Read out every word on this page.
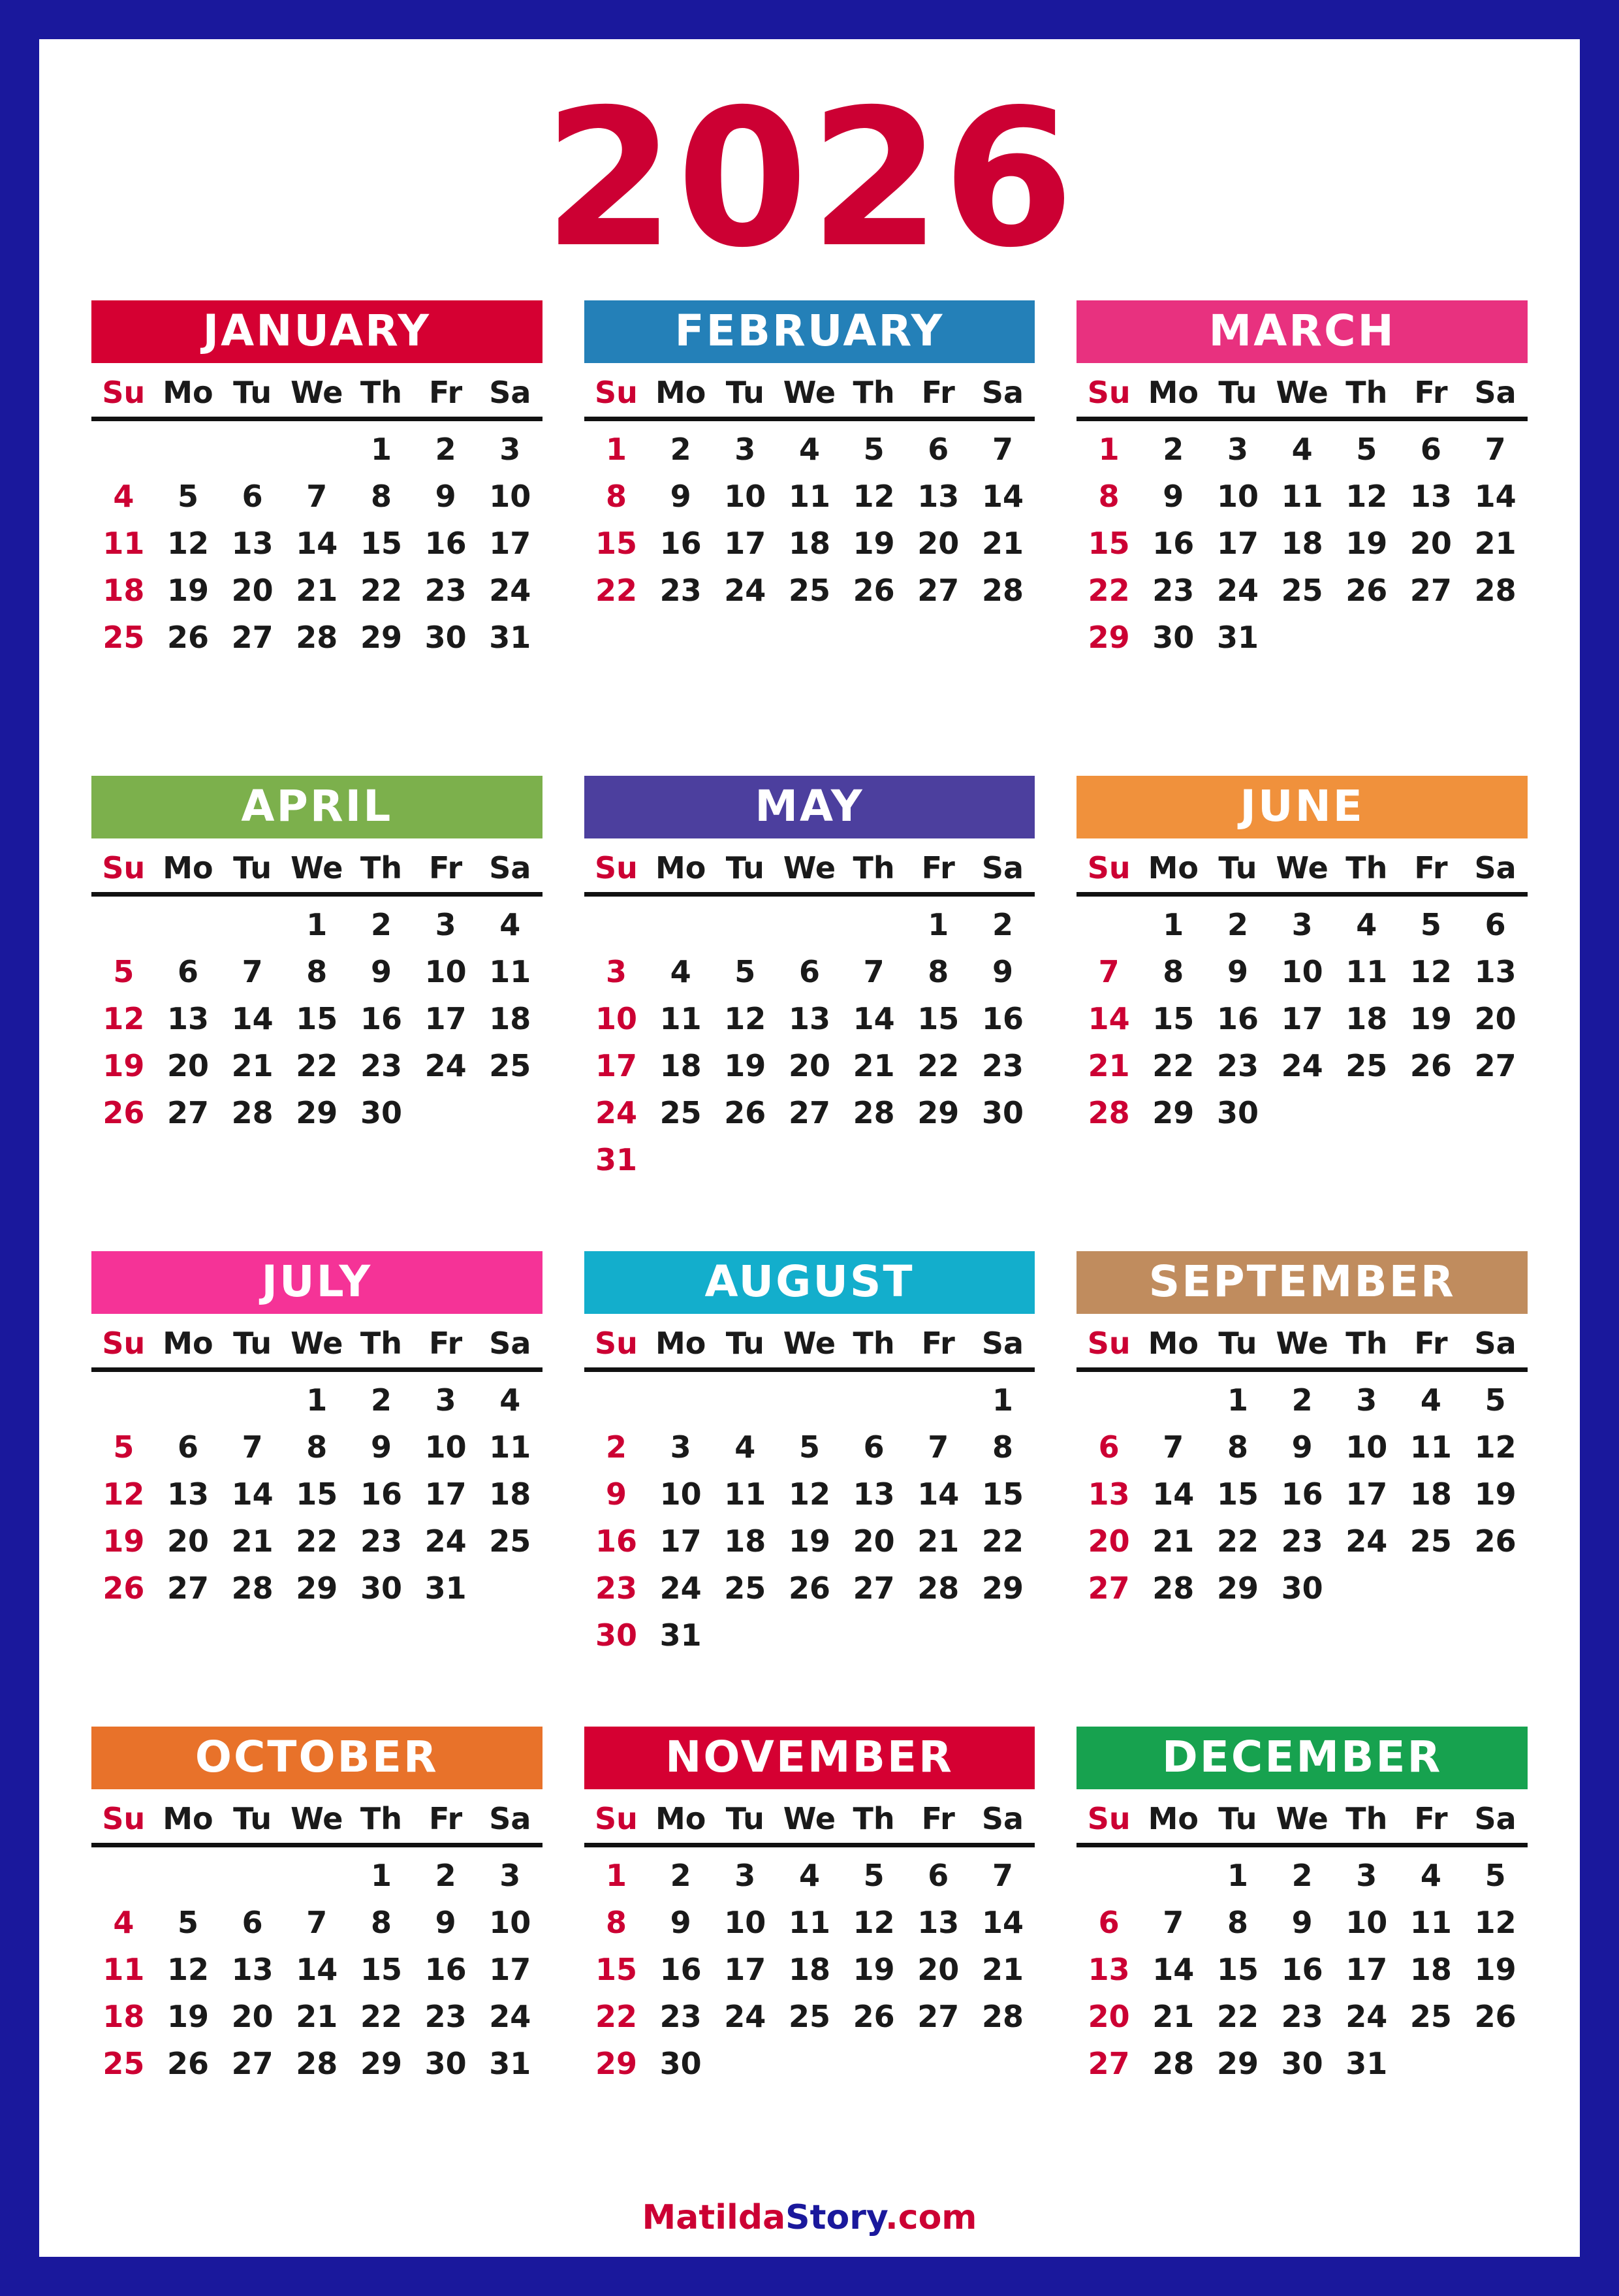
2026
JANUARY
Su	Mo	Tu	We	Th	Fr	Sa
				1	2	3
4	5	6	7	8	9	10
11	12	13	14	15	16	17
18	19	20	21	22	23	24
25	26	27	28	29	30	31
FEBRUARY
Su	Mo	Tu	We	Th	Fr	Sa
1	2	3	4	5	6	7
8	9	10	11	12	13	14
15	16	17	18	19	20	21
22	23	24	25	26	27	28

MARCH
Su	Mo	Tu	We	Th	Fr	Sa
1	2	3	4	5	6	7
8	9	10	11	12	13	14
15	16	17	18	19	20	21
22	23	24	25	26	27	28
29	30	31				
APRIL
Su	Mo	Tu	We	Th	Fr	Sa
			1	2	3	4
5	6	7	8	9	10	11
12	13	14	15	16	17	18
19	20	21	22	23	24	25
26	27	28	29	30		
MAY
Su	Mo	Tu	We	Th	Fr	Sa
					1	2
3	4	5	6	7	8	9
10	11	12	13	14	15	16
17	18	19	20	21	22	23
24	25	26	27	28	29	30
31						
JUNE
Su	Mo	Tu	We	Th	Fr	Sa
	1	2	3	4	5	6
7	8	9	10	11	12	13
14	15	16	17	18	19	20
21	22	23	24	25	26	27
28	29	30				
JULY
Su	Mo	Tu	We	Th	Fr	Sa
			1	2	3	4
5	6	7	8	9	10	11
12	13	14	15	16	17	18
19	20	21	22	23	24	25
26	27	28	29	30	31	
AUGUST
Su	Mo	Tu	We	Th	Fr	Sa
						1
2	3	4	5	6	7	8
9	10	11	12	13	14	15
16	17	18	19	20	21	22
23	24	25	26	27	28	29
30	31					
SEPTEMBER
Su	Mo	Tu	We	Th	Fr	Sa
		1	2	3	4	5
6	7	8	9	10	11	12
13	14	15	16	17	18	19
20	21	22	23	24	25	26
27	28	29	30			
OCTOBER
Su	Mo	Tu	We	Th	Fr	Sa
				1	2	3
4	5	6	7	8	9	10
11	12	13	14	15	16	17
18	19	20	21	22	23	24
25	26	27	28	29	30	31
NOVEMBER
Su	Mo	Tu	We	Th	Fr	Sa
1	2	3	4	5	6	7
8	9	10	11	12	13	14
15	16	17	18	19	20	21
22	23	24	25	26	27	28
29	30					
DECEMBER
Su	Mo	Tu	We	Th	Fr	Sa
		1	2	3	4	5
6	7	8	9	10	11	12
13	14	15	16	17	18	19
20	21	22	23	24	25	26
27	28	29	30	31		
MatildaStory.com
